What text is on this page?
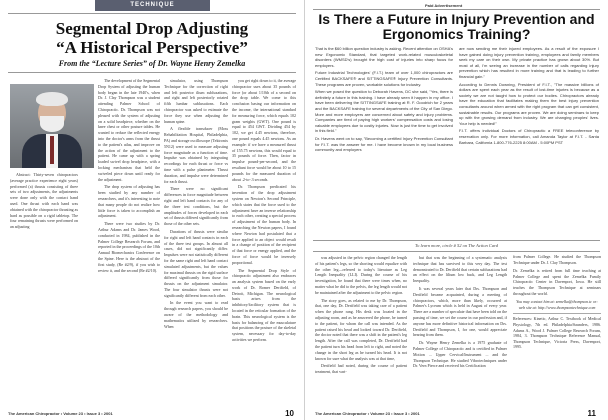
TECHNIQUE
Segmental Drop Adjusting
“A Historical Perspective”
From the “Lecture Series” of Dr. Wayne Henry Zemelka

Abstract: Thirty-seven chiropractors (average practice experience eight years) performed (a) thrusts consisting of three sets of two adjustments, the adjustments were done only with the contact hand used. One thrust with each hand was obtained with the chiropractor thrusting as hard as possible on a rigid tabletop. The four remaining thrusts were performed on an adjusting

The development of the Segmental Drop System of adjusting the human body began in the late 1940's, when Dr. J. Clay Thompson was a student attending Palmer School of Chiropractic. Dr. Thompson was not pleased with the system of adjusting on a solid headpiece, whether on the knee chest or other posture tables. He wanted to reduce the reflected energy into the doctor's arms from the thrust to the patient's atlas, and improve on the action of the adjustment to the patient. He came up with a spring loaded swivel drop headpiece, with a locking mechanism that held the swiveled piece down until ready for the adjustment.

The drop system of adjusting has been studied by any number of researchers, and it's interesting to note that many people do not realize how little force is taken to accomplish an adjustment.

There were two studies by Dr. Arthur Adams and Dr. James Wood, conducted in 1984, published in the Palmer College Research Forum, and reported in the proceedings of the 10th Annual Biomechanics Conference on the Spine. Here is the abstract of the first study, (Re #2/9), if you wish to review it, and the second (Re #2/10).

simulator, using Thompson Technique for the correction of right and left posterior ilium subluxations, and right and left posteriorly rotated fifth lumbar subluxations. Each chiropractor was asked to estimate the force they use when adjusting the human spine.

A flexible transducer (Moss Rehabilitation Hospital, Philadelphia, PA) and storage oscilloscope (Tektronix 5N12) were used to measure adjusting force magnitude as a function of time. Impulse was obtained by integrating recordings for each thrust or force vs time with a pulse planimeter. Thrust duration, and impulse were determined for each thrust.

There were no significant differences in force magnitude between right and left hand contacts for any of the three test conditions, but the amplitudes of forces developed in each set of thrusts differed significantly from those of the other sets.

Durations of thrusts were similar for right and left hand contacts in each of the three test groups. In almost all cases, did not significantly differ. Impulses were not statistically different for the same right and left hand contact simulated adjustments, but the values for maximal thrusts on the rigid surface differed significantly from those for thrusts on the adjustment simulator. The four simulator thrusts were not significantly different from each other.

In the event you want to read through research papers, you should be aware of the methodology and mathematics utilized by researchers. When

you get right down to it, the average chiropractor uses about 35 pounds of force (or about 1/10th of a second on the drop table. We come to this conclusion basing our information on the income, the international standard for measuring force, which equals 102 gram weights (GWT). One pound is equal to 454 GWT. Dividing 454 by 102, we get 4.45 newtons, therefore, one pound equals 4.45 newtons. As an example: if we have a measured thrust of 155.75 newtons, this would equal to 35 pounds of force. Then, factor in impulse pound-per-second, and the resultant force would be about 10 to 15 pounds for the measured duration of about .2-to-.3 seconds.

Dr. Thompson predicated his invention of the drop adjustment system on Newton's Second Principle, which states that the force used to the adjustment have an inverse relationship to each other, creating a special process of adjustment of the human body. In researching the Newton papers, I found where Newton had postulated that a force applied to an object would result in a change of position of the recipient of that force or energy applied, and the force of force would be inversely proportional.

The Segmental Drop Style of chiropractic adjustment also embraces an analysis system based on the early work of Dr. Romer Derifield, of Detroit, Michigan. The neurological basis arises from the inhibitory/facilitory system that is located in the reticular formation of the brain. This neurological system is the basis for balancing of the musculature that positions the posture of the skeletal system, necessary for day-to-day activities we perform.

The American Chiropractor • Volume 23 • Issue 3 • 2001	10
Paid Advertisement
Is There a Future in Injury Prevention and
Ergonomics Training?

That is the $60 billion question industry is asking. Recent attention on OSHA's new Ergonomic Standard, that targeted work-related musculoskeletal disorders (WMSD's) brought the high cost of injuries into sharp focus for employers.

Future Industrial Technologies' (F.I.T.) team of over 1,000 chiropractors are Certified BACKSAFE® and SITTINGSAFE® Injury Prevention Consultants. These programs are proven, workable solutions for industry.

When we posed the question to Deborah Havens, DC she said, "Yes, there is definitely a future in this training. I have already seen it happen in my office. I have been delivering the SITTINGSAFE training at R. F. Goodrich for 2 years and the BACKSAFE training for several departments of the City of San Diego. More and more employers are concerned about safety and injury problems. Companies are tired of paying high workers' compensation costs and losing valuable employees due to costly injuries. Now is just the time to get involved in this field."

Dr. Havens went on to say, "Becoming a certified Injury Prevention Consultant for F.I.T. was the answer for me. I have become known in my local business community and employers

are now sending me their injured employees. As a result of the exposure I have gained doing injury prevention training, employees and family members seek my care on their own. My private practice has grown about 30%. But most of all, I'm seeing an increase in the number of calls regarding injury prevention which has resulted in more training and that is leading to further financial gain."

According to Dennis Downing, President of F.I.T., "The massive billions of dollars are spent each year as the result of lost-time injuries is because as a society we are not taught how to protect our bodies. Chiropractors already have the education that facilitates making them the best injury prevention consultants around when armed with the right program that can get consistent, sustainable results. Our programs are proven. We are doing seminars to keep up with the growing demand from industry. We are changing peoples' lives. Your help is needed!"

F.I.T. offers individual Doctors of Chiropractic a FREE teleconference by reservation only. For more information, call Amanda Taylor at F.I.T. - Santa Barbara, California 1-800-776-2225 8:00AM - 5:00PM PST

To learn more, circle # 52 on The Action Card

was adjusted in the pelvic region changed the length of his patient's legs, so the shorting would equalize with the other leg—referred to today's literature as Leg Length Inequality (LLI). During the course of his investigation, he found that there were times when, no matter what he did to the pelvis, the leg length would not be maintained after the adjustment to the pelvic region.

The story goes, as related to me by Dr. Thompson, that, one day, Dr. Derifield was taking care of a patient when the phone rang. His desk was located in the adjusting room, and as he answered the phone, he turned to the patient, for whom the call was intended. As the patient raised his head and looked toward Dr. Derifield, the doctor noted that there was a shift in the patient's leg length. After the call was completed, Dr. Derifield had the patient turn his head from left to right, and noted the change in the short leg as he turned his head. It is not known for sure what the analysis was at that time,

Derifield had noted, during the course of patient treatment, that vari-

but that was the beginning of a systematic analysis technique that has survived to this very day. The test demonstrated to Dr. Derifield that certain subluxations had an effect on the lilium low back, and Leg Length Inequality.

It was several years later that Drs. Thompson and Derifield became acquainted, during a meeting of chiropractors, which, more than likely, occurred at Palmer's Lyceum which is held in August of every year. There are a number of speculate that have been told on the passing of time, we set the course in our profession and, if anyone has more definitive historical information on Drs. Derifield and Thompson, I, for one, would appreciate hearing from them.

Dr. Wayne Henry Zemelka is a 1975 graduate of Palmer College of Chiropractic and is certified in Palmer Motion ... Upper Cervical/Instrument ... and the Thompson Technique. He studied Vibrotechniques under Dr. Vern Pierce and received his Certification

from Palmer College. He studied the Thompson Technique under Dr. J. Clay Thompson.

Dr. Zemelka is retired from full time teaching at Palmer College and spent the Zemelka Family Chiropractic Center in Davenport, Iowa. He still teaches the Thompson Technique at seminars throughout the world.

You may contact him at: zemelka@thompson.tc or: web site at: http://www.thompsontechnique.com

References: Kinetic, Arthur C. Textbook of Medical Physiology, 7th ed. Philadelphia/Saunders, 1986. Adams A., Wood J. Palmer College Research Forum, 1984, 3. Thompson Technique Reference Manual, Thompson Technique, Victoria Press, Davenport, 1995.

The American Chiropractor • Volume 23 • Issue 3 • 2001	11
